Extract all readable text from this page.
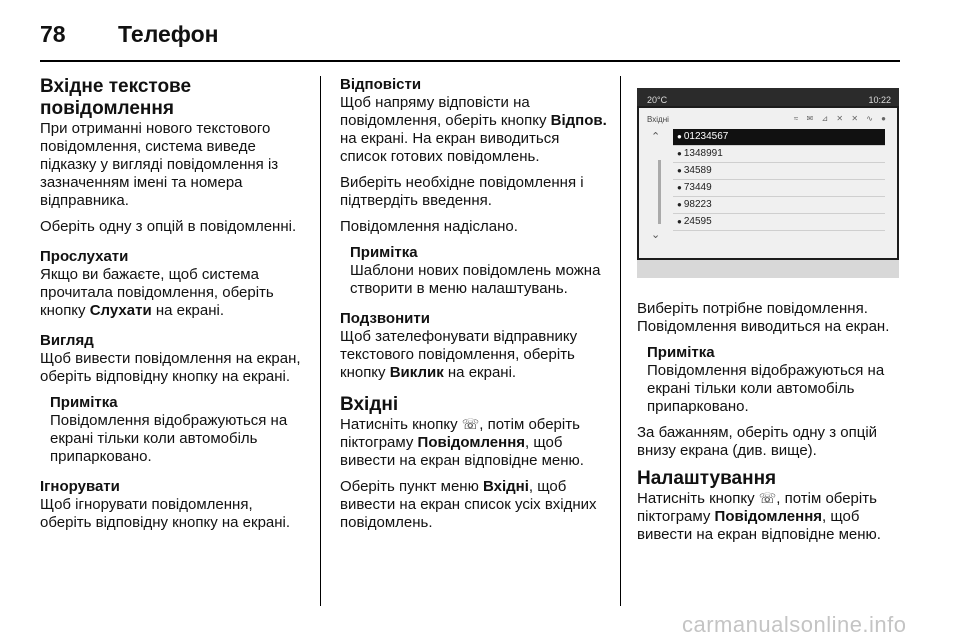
78	Телефон
Вхідне текстове повідомлення

При отриманні нового текстового повідомлення, система виведе підказку у вигляді повідомлення із зазначенням імені та номера відправника.

Оберіть одну з опцій в повідомленні.

Прослухати

Якщо ви бажаєте, щоб система прочитала повідомлення, оберіть кнопку Слухати на екрані.

Вигляд

Щоб вивести повідомлення на екран, оберіть відповідну кнопку на екрані.

Примітка
Повідомлення відображуються на екрані тільки коли автомобіль припарковано.
Ігнорувати

Щоб ігнорувати повідомлення, оберіть відповідну кнопку на екрані.

Відповісти

Щоб напряму відповісти на повідомлення, оберіть кнопку Відпов. на екрані. На екран виводиться список готових повідомлень.

Виберіть необхідне повідомлення і підтвердіть введення.

Повідомлення надіслано.

Примітка
Шаблони нових повідомлень можна створити в меню налаштувань.
Подзвонити

Щоб зателефонувати відправнику текстового повідомлення, оберіть кнопку Виклик на екрані.

Вхідні

Натисніть кнопку ☏, потім оберіть піктограму Повідомлення, щоб вивести на екран відповідне меню.

Оберіть пункт меню Вхідні, щоб вивести на екран список усіх вхідних повідомлень.

20°C	10:22
Вхідні	≈ ✉ ⊿ ✕ ✕ ∿ ●
⌃
⌄
● 01234567
● 1348991
● 34589
● 73449
● 98223
● 24595

Виберіть потрібне повідомлення. Повідомлення виводиться на екран.

Примітка
Повідомлення відображуються на екрані тільки коли автомобіль припарковано.

За бажанням, оберіть одну з опцій внизу екрана (див. вище).

Налаштування

Натисніть кнопку ☏, потім оберіть піктограму Повідомлення, щоб вивести на екран відповідне меню.

carmanualsonline.info
